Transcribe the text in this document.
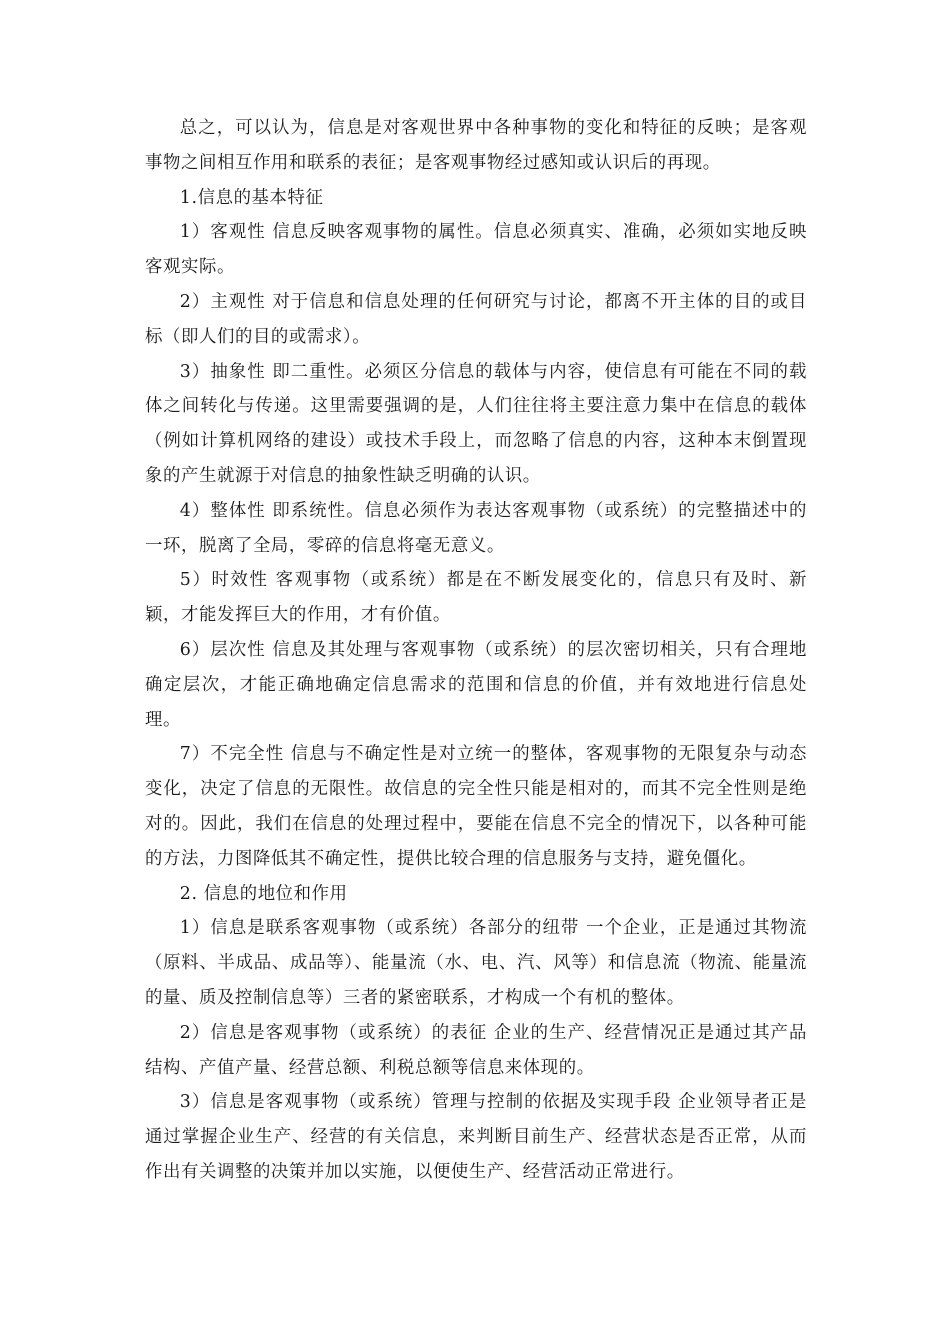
总之，可以认为，信息是对客观世界中各种事物的变化和特征的反映；是客观事物之间相互作用和联系的表征；是客观事物经过感知或认识后的再现。

1.信息的基本特征

1）客观性 信息反映客观事物的属性。信息必须真实、准确，必须如实地反映客观实际。

2）主观性 对于信息和信息处理的任何研究与讨论，都离不开主体的目的或目标（即人们的目的或需求）。

3）抽象性 即二重性。必须区分信息的载体与内容，使信息有可能在不同的载体之间转化与传递。这里需要强调的是，人们往往将主要注意力集中在信息的载体（例如计算机网络的建设）或技术手段上，而忽略了信息的内容，这种本末倒置现象的产生就源于对信息的抽象性缺乏明确的认识。

4）整体性 即系统性。信息必须作为表达客观事物（或系统）的完整描述中的一环，脱离了全局，零碎的信息将毫无意义。

5）时效性 客观事物（或系统）都是在不断发展变化的，信息只有及时、新颖，才能发挥巨大的作用，才有价值。

6）层次性 信息及其处理与客观事物（或系统）的层次密切相关，只有合理地确定层次，才能正确地确定信息需求的范围和信息的价值，并有效地进行信息处理。

7）不完全性 信息与不确定性是对立统一的整体，客观事物的无限复杂与动态变化，决定了信息的无限性。故信息的完全性只能是相对的，而其不完全性则是绝对的。因此，我们在信息的处理过程中，要能在信息不完全的情况下，以各种可能的方法，力图降低其不确定性，提供比较合理的信息服务与支持，避免僵化。

2. 信息的地位和作用

1）信息是联系客观事物（或系统）各部分的纽带 一个企业，正是通过其物流（原料、半成品、成品等）、能量流（水、电、汽、风等）和信息流（物流、能量流的量、质及控制信息等）三者的紧密联系，才构成一个有机的整体。

2）信息是客观事物（或系统）的表征 企业的生产、经营情况正是通过其产品结构、产值产量、经营总额、利税总额等信息来体现的。

3）信息是客观事物（或系统）管理与控制的依据及实现手段 企业领导者正是通过掌握企业生产、经营的有关信息，来判断目前生产、经营状态是否正常，从而作出有关调整的决策并加以实施，以便使生产、经营活动正常进行。
